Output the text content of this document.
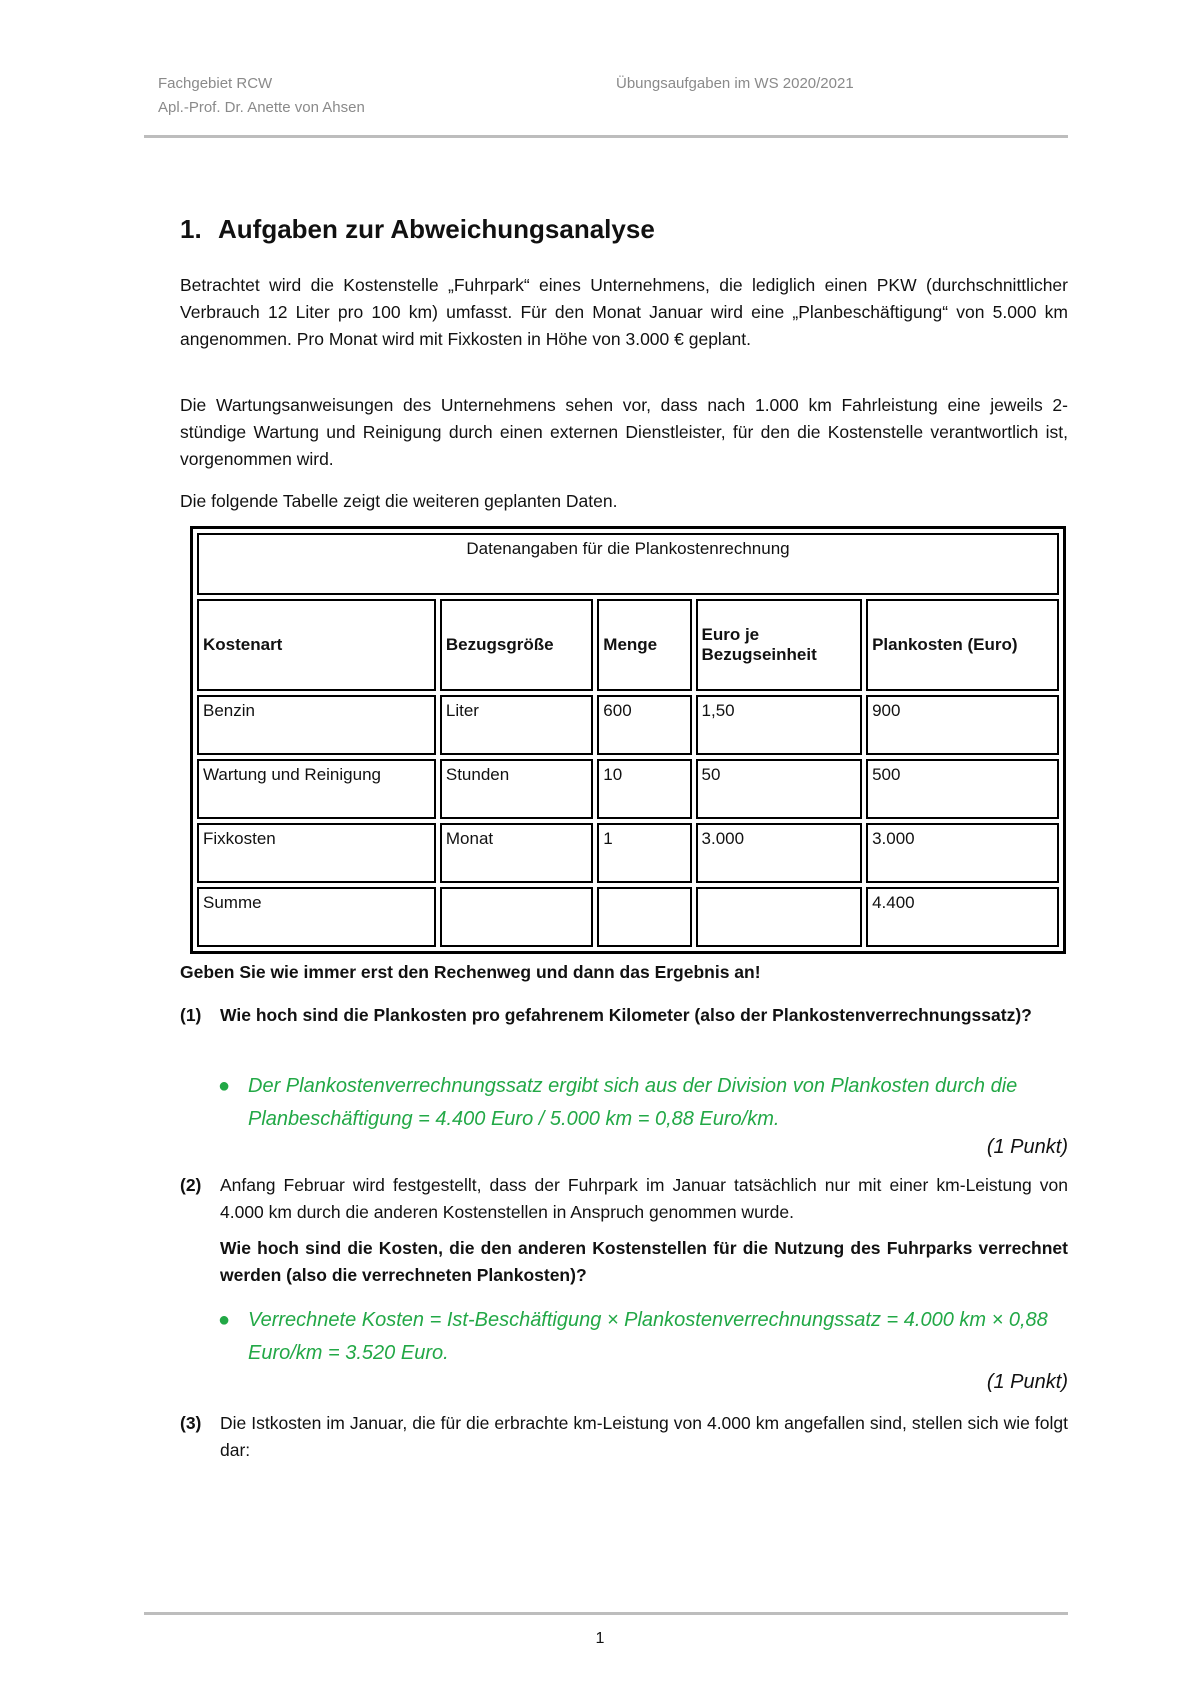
Fachgebiet RCW
Apl.-Prof. Dr. Anette von Ahsen
Übungsaufgaben im WS 2020/2021
1. Aufgaben zur Abweichungsanalyse
Betrachtet wird die Kostenstelle „Fuhrpark“ eines Unternehmens, die lediglich einen PKW (durchschnittlicher Verbrauch 12 Liter pro 100 km) umfasst. Für den Monat Januar wird eine „Planbeschäftigung“ von 5.000 km angenommen. Pro Monat wird mit Fixkosten in Höhe von 3.000 € geplant.
Die Wartungsanweisungen des Unternehmens sehen vor, dass nach 1.000 km Fahrleistung eine jeweils 2-stündige Wartung und Reinigung durch einen externen Dienstleister, für den die Kostenstelle verantwortlich ist, vorgenommen wird.
Die folgende Tabelle zeigt die weiteren geplanten Daten.
Datenangaben für die Plankostenrechnung				
Kostenart	Bezugsgröße	Menge	Euro je Bezugseinheit	Plankosten (Euro)
Benzin	Liter	600	1,50	900
Wartung und Reinigung	Stunden	10	50	500
Fixkosten	Monat	1	3.000	3.000
Summe				4.400
Geben Sie wie immer erst den Rechenweg und dann das Ergebnis an!
(1) Wie hoch sind die Plankosten pro gefahrenem Kilometer (also der Plankostenverrechnungssatz)?
● Der Plankostenverrechnungssatz ergibt sich aus der Division von Plankosten durch die Planbeschäftigung = 4.400 Euro / 5.000 km = 0,88 Euro/km.
(1 Punkt)
(2) Anfang Februar wird festgestellt, dass der Fuhrpark im Januar tatsächlich nur mit einer km-Leistung von 4.000 km durch die anderen Kostenstellen in Anspruch genommen wurde.
Wie hoch sind die Kosten, die den anderen Kostenstellen für die Nutzung des Fuhrparks verrechnet werden (also die verrechneten Plankosten)?
● Verrechnete Kosten = Ist-Beschäftigung × Plankostenverrechnungssatz = 4.000 km × 0,88 Euro/km = 3.520 Euro.
(1 Punkt)
(3) Die Istkosten im Januar, die für die erbrachte km-Leistung von 4.000 km angefallen sind, stellen sich wie folgt dar:
1
